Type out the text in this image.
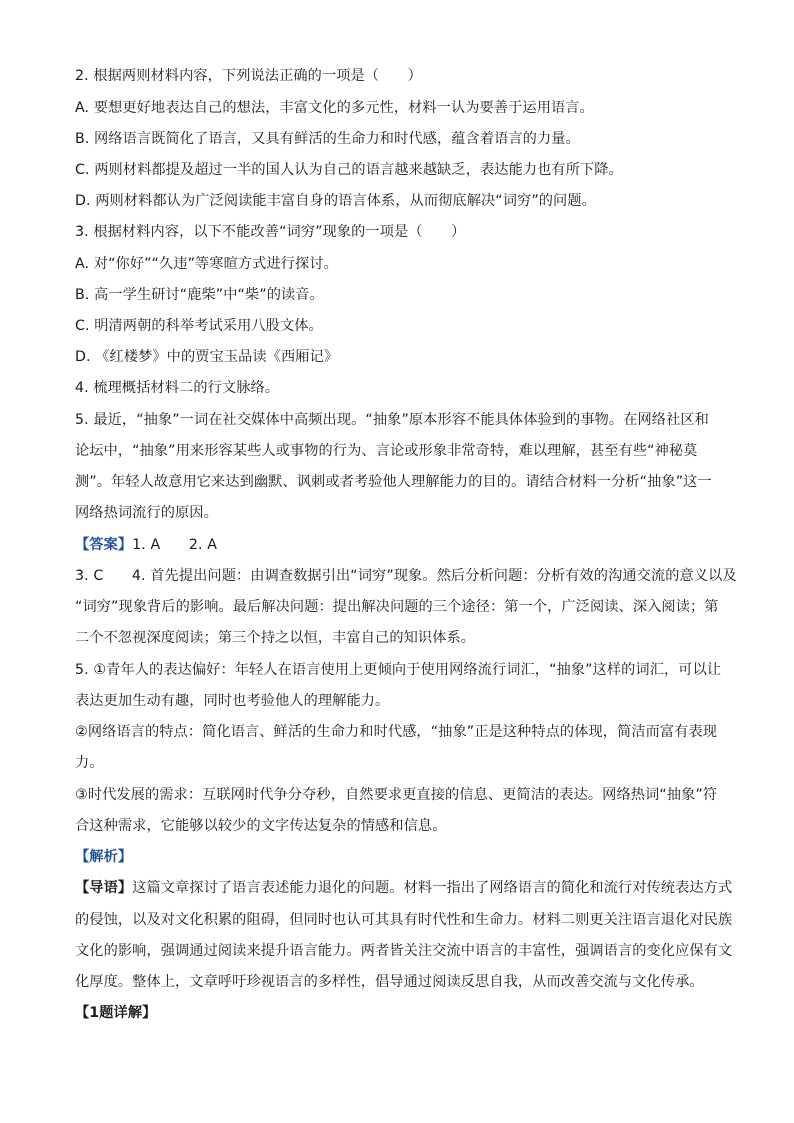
2. 根据两则材料内容，下列说法正确的一项是（　　）
A. 要想更好地表达自己的想法，丰富文化的多元性，材料一认为要善于运用语言。
B. 网络语言既简化了语言，又具有鲜活的生命力和时代感，蕴含着语言的力量。
C. 两则材料都提及超过一半的国人认为自己的语言越来越缺乏，表达能力也有所下降。
D. 两则材料都认为广泛阅读能丰富自身的语言体系，从而彻底解决“词穷”的问题。
3. 根据材料内容，以下不能改善“词穷”现象的一项是（　　）
A. 对“你好”“久违”等寒暄方式进行探讨。
B. 高一学生研讨“鹿柴”中“柴”的读音。
C. 明清两朝的科举考试采用八股文体。
D. 《红楼梦》中的贾宝玉品读《西厢记》
4. 梳理概括材料二的行文脉络。
5. 最近，“抽象”一词在社交媒体中高频出现。“抽象”原本形容不能具体体验到的事物。在网络社区和
论坛中，“抽象”用来形容某些人或事物的行为、言论或形象非常奇特，难以理解，甚至有些“神秘莫
测”。年轻人故意用它来达到幽默、讽刺或者考验他人理解能力的目的。请结合材料一分析“抽象”这一
网络热词流行的原因。
【答案】1. A　　2. A
3. C　　4. 首先提出问题：由调查数据引出“词穷”现象。然后分析问题：分析有效的沟通交流的意义以及
“词穷”现象背后的影响。最后解决问题：提出解决问题的三个途径：第一个，广泛阅读、深入阅读；第
二个不忽视深度阅读；第三个持之以恒，丰富自己的知识体系。
5. ①青年人的表达偏好：年轻人在语言使用上更倾向于使用网络流行词汇，“抽象”这样的词汇，可以让
表达更加生动有趣，同时也考验他人的理解能力。
②网络语言的特点：简化语言、鲜活的生命力和时代感，“抽象”正是这种特点的体现，简洁而富有表现
力。
③时代发展的需求：互联网时代争分夺秒，自然要求更直接的信息、更简洁的表达。网络热词“抽象”符
合这种需求，它能够以较少的文字传达复杂的情感和信息。
【解析】
【导语】这篇文章探讨了语言表述能力退化的问题。材料一指出了网络语言的简化和流行对传统表达方式
的侵蚀，以及对文化积累的阻碍，但同时也认可其具有时代性和生命力。材料二则更关注语言退化对民族
文化的影响，强调通过阅读来提升语言能力。两者皆关注交流中语言的丰富性，强调语言的变化应保有文
化厚度。整体上，文章呼吁珍视语言的多样性，倡导通过阅读反思自我，从而改善交流与文化传承。
【1题详解】
